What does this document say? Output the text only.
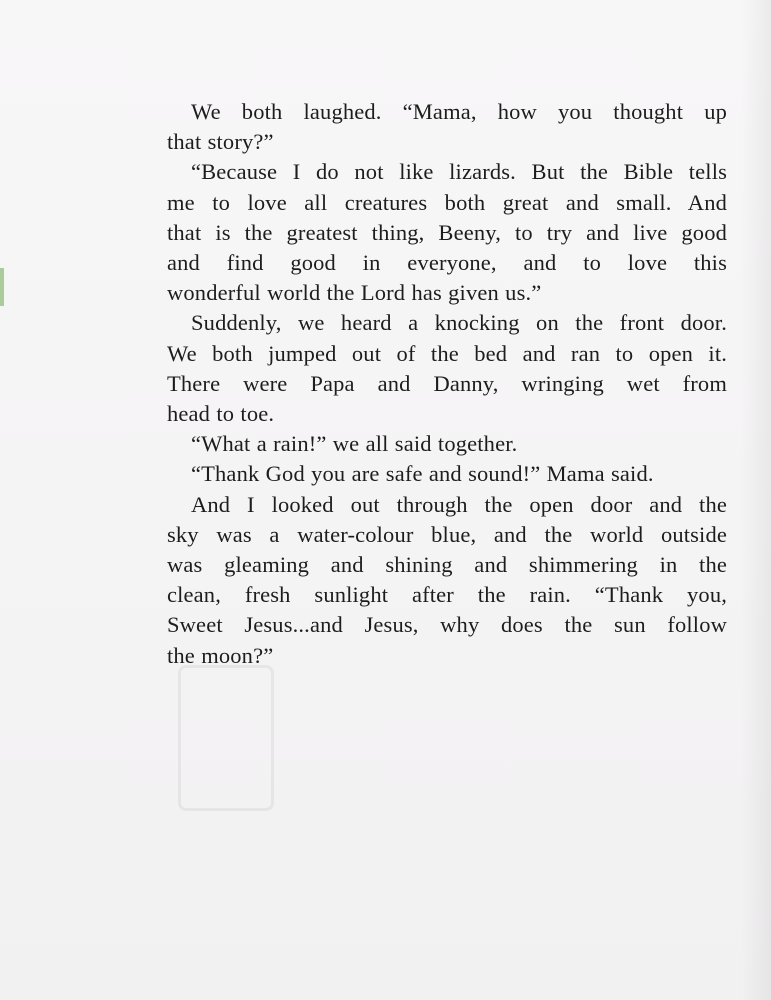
We both laughed. “Mama, how you thought up
that story?”

“Because I do not like lizards. But the Bible tells
me to love all creatures both great and small. And
that is the greatest thing, Beeny, to try and live good
and find good in everyone, and to love this
wonderful world the Lord has given us.”

Suddenly, we heard a knocking on the front door.
We both jumped out of the bed and ran to open it.
There were Papa and Danny, wringing wet from
head to toe.

“What a rain!” we all said together.

“Thank God you are safe and sound!” Mama said.

And I looked out through the open door and the
sky was a water-colour blue, and the world outside
was gleaming and shining and shimmering in the
clean, fresh sunlight after the rain. “Thank you,
Sweet Jesus...and Jesus, why does the sun follow
the moon?”
